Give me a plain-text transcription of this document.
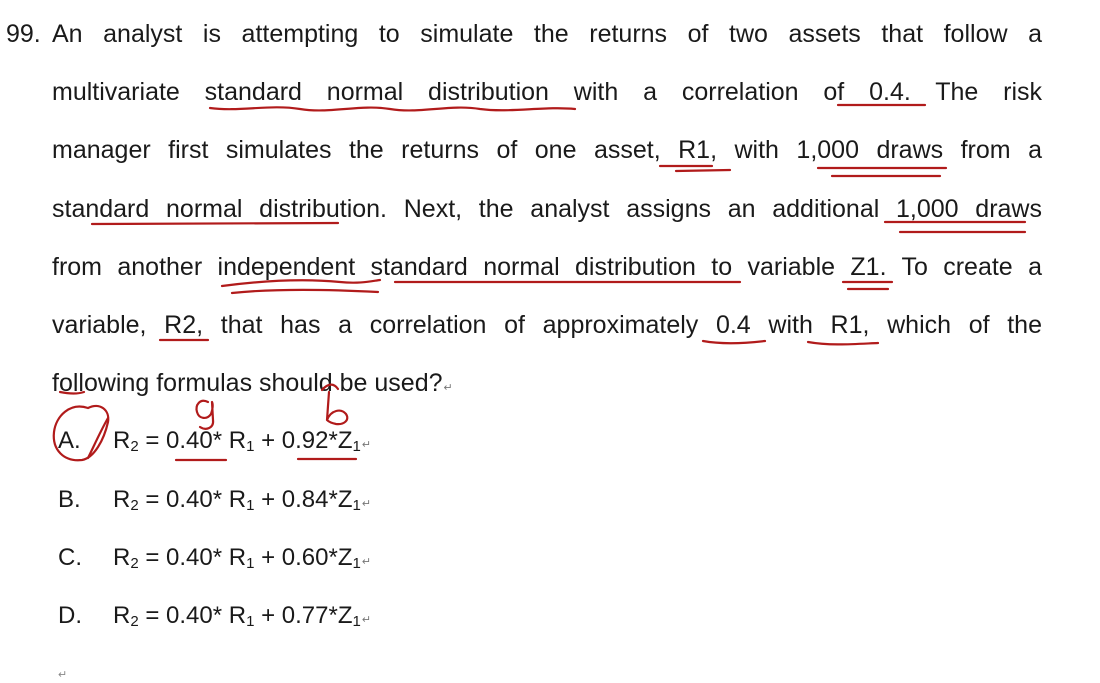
99. An analyst is attempting to simulate the returns of two assets that follow a
multivariate standard normal distribution with a correlation of 0.4. The risk
manager first simulates the returns of one asset, R1, with 1,000 draws from a
standard normal distribution. Next, the analyst assigns an additional 1,000 draws
from another independent standard normal distribution to variable Z1. To create a
variable, R2, that has a correlation of approximately 0.4 with R1, which of the
following formulas should be used?↵
A. $R_2 = 0.40*$ $R_1$ + $0.92*Z_1↵$
B. $R_2 = 0.40*$ $R_1$ + $0.84*Z_1↵$
C. $R_2 = 0.40*$ $R_1$ + $0.60*Z_1↵$
D. $R_2 = 0.40*$ $R_1$ + $0.77*Z_1↵$
↵
